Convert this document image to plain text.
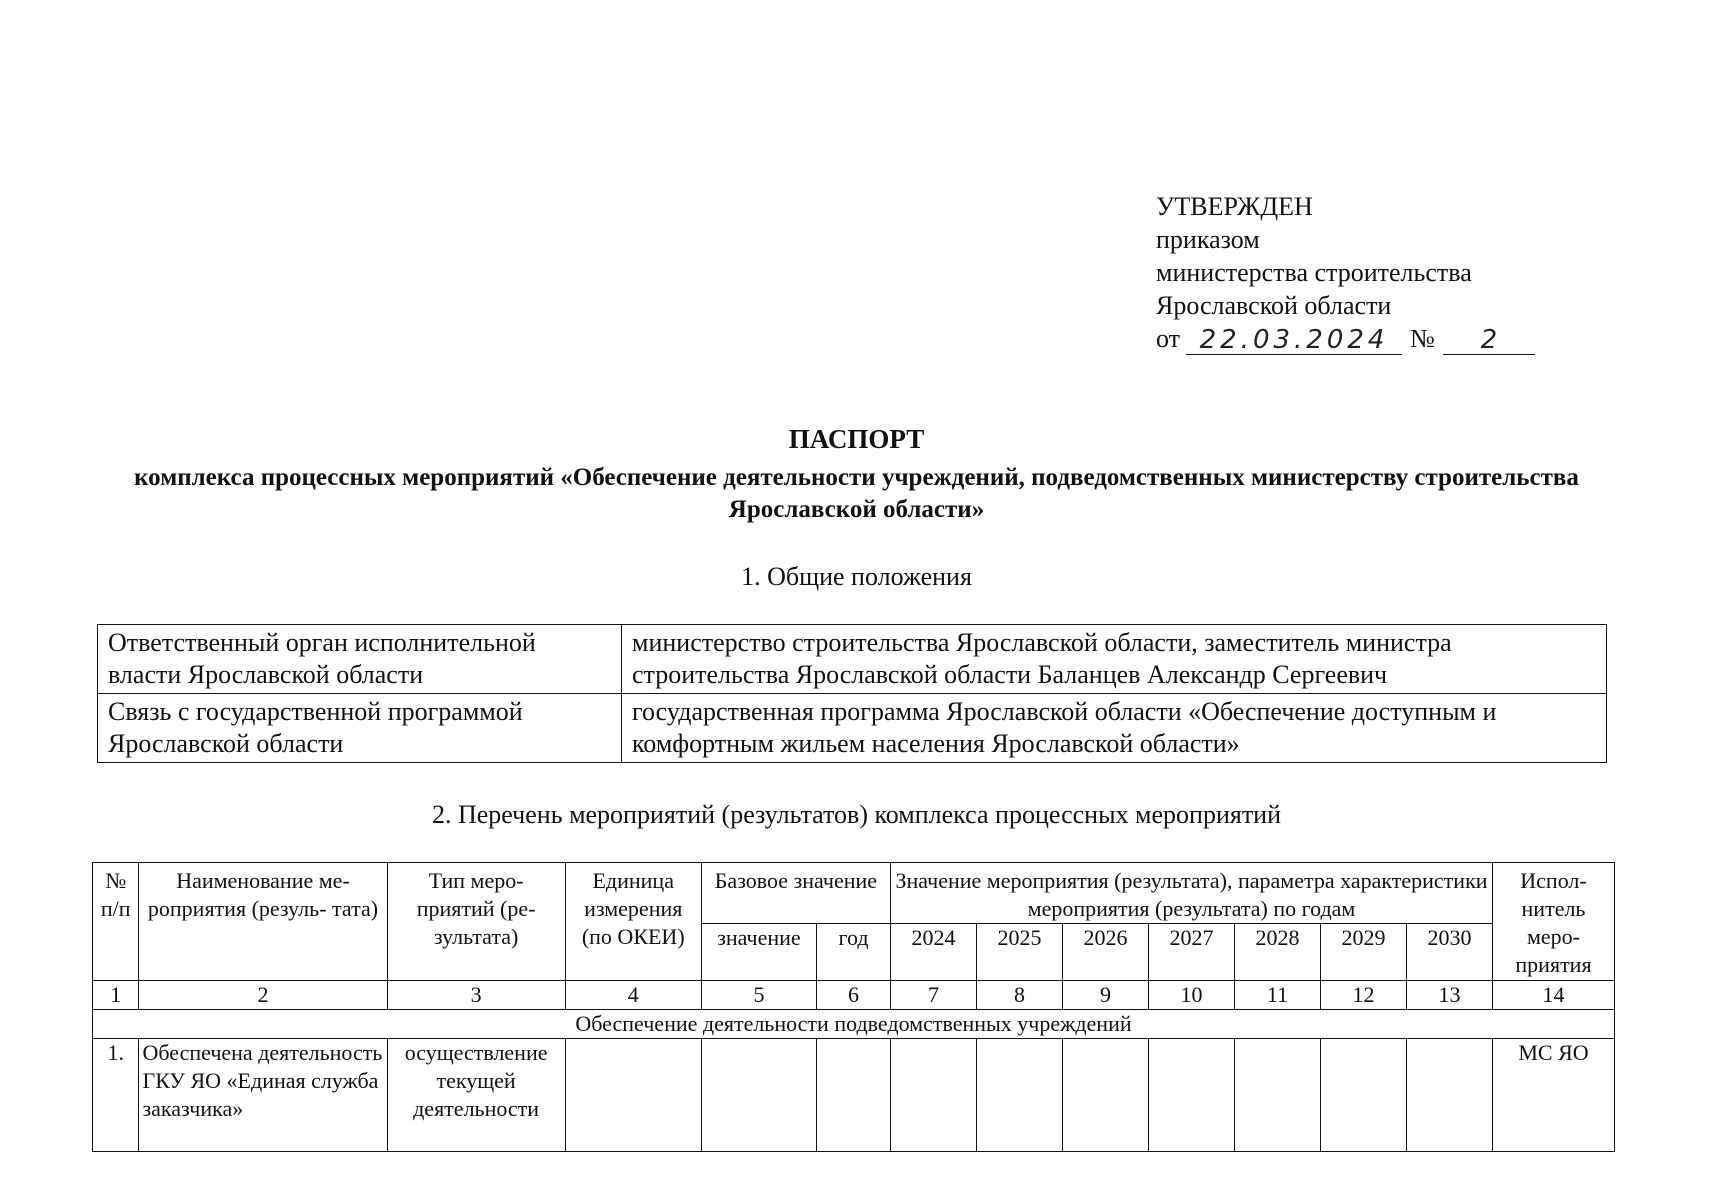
УТВЕРЖДЕН
приказом
министерства строительства
Ярославской области
от 22.03.2024 №	2
ПАСПОРТ
комплекса процессных мероприятий «Обеспечение деятельности учреждений, подведомственных министерству строительства Ярославской области»
1. Общие положения
Ответственный орган исполнительной власти Ярославской области	министерство строительства Ярославской области, заместитель министра строительства Ярославской области Баланцев Александр Сергеевич
Связь с государственной программой Ярославской области	государственная программа Ярославской области «Обеспечение доступным и комфортным жильем населения Ярославской области»
2. Перечень мероприятий (результатов) комплекса процессных мероприятий
№ п/п	Наименование ме- роприятия (резуль- тата)	Тип меро- приятий (ре- зультата)	Единица измерения (по ОКЕИ)	Базовое значение		Значение мероприятия (результата), параметра характеристики мероприятия (результата) по годам							Испол- нитель меро- приятия
				значение	год	2024	2025	2026	2027	2028	2029	2030	
1	2	3	4	5	6	7	8	9	10	11	12	13	14
Обеспечение деятельности подведомственных учреждений													
1.	Обеспечена деятельность ГКУ ЯО «Единая служба заказчика»	осуществление текущей деятельности											МС ЯО
